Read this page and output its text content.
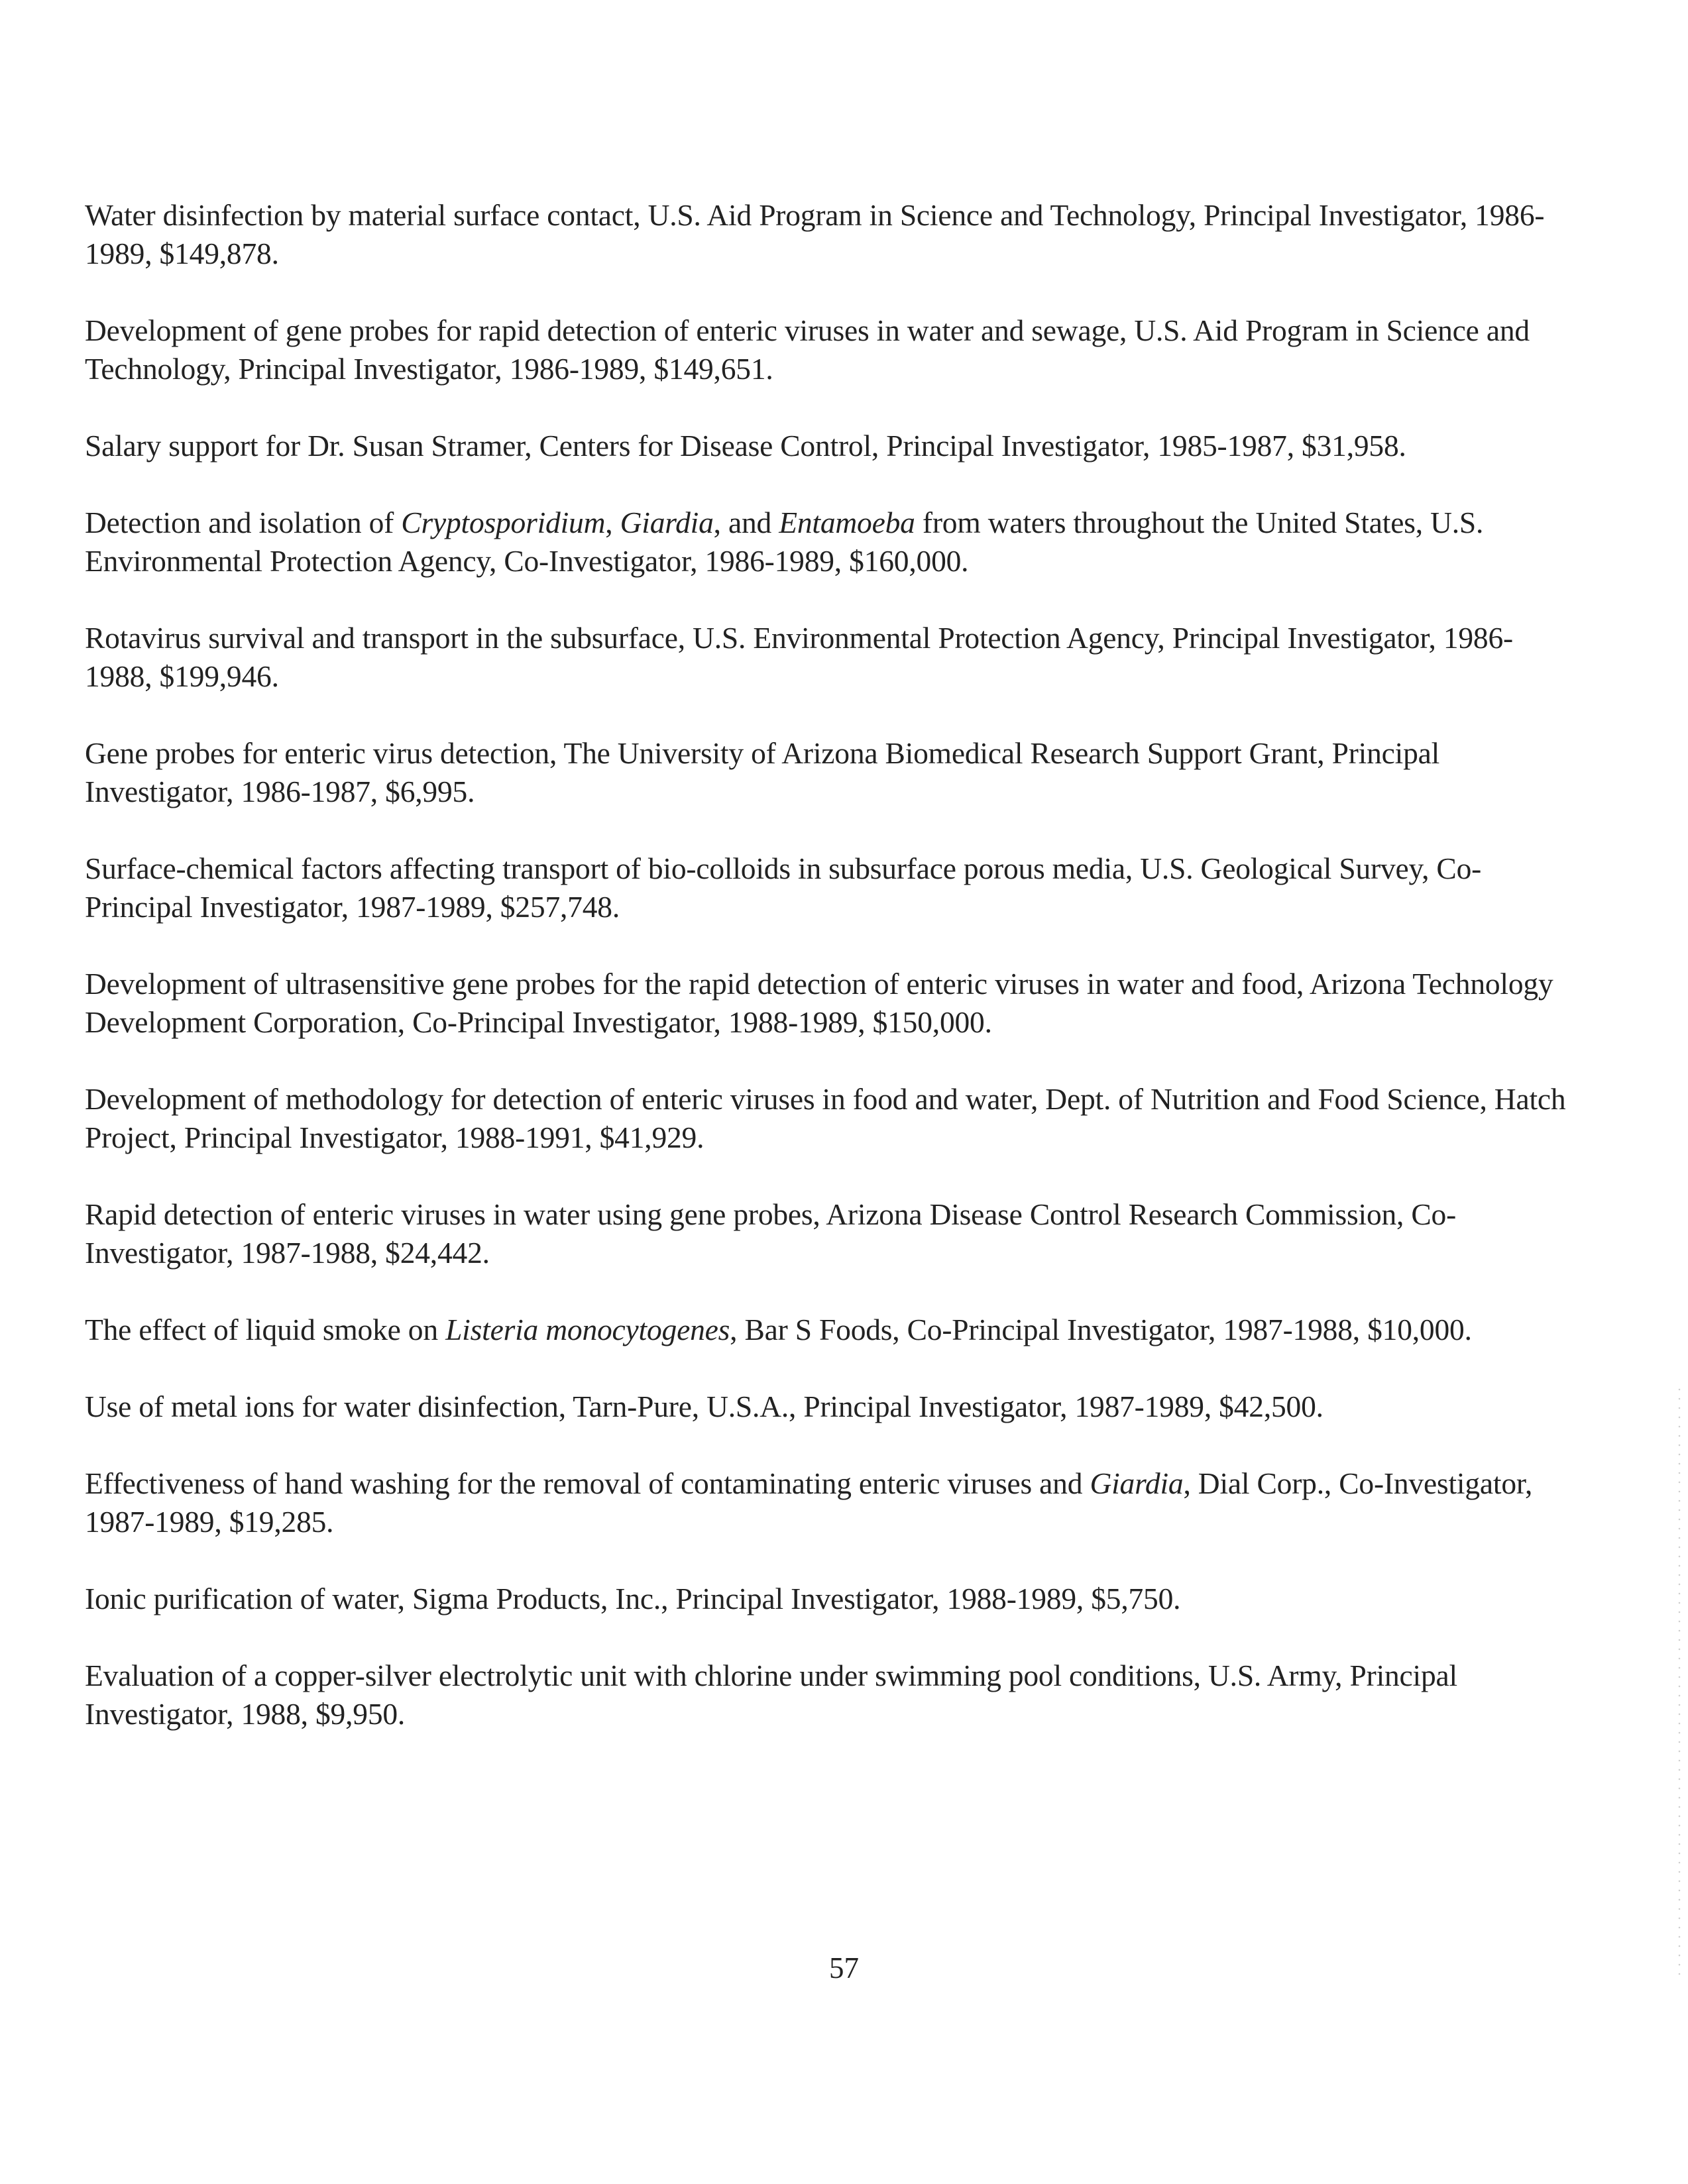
Water disinfection by material surface contact, U.S. Aid Program in Science and Technology, Principal Investigator, 1986-1989, $149,878.

Development of gene probes for rapid detection of enteric viruses in water and sewage, U.S. Aid Program in Science and Technology, Principal Investigator, 1986-1989, $149,651.

Salary support for Dr. Susan Stramer, Centers for Disease Control, Principal Investigator, 1985-1987, $31,958.

Detection and isolation of Cryptosporidium, Giardia, and Entamoeba from waters throughout the United States, U.S. Environmental Protection Agency, Co-Investigator, 1986-1989, $160,000.

Rotavirus survival and transport in the subsurface, U.S. Environmental Protection Agency, Principal Investigator, 1986-1988, $199,946.

Gene probes for enteric virus detection, The University of Arizona Biomedical Research Support Grant, Principal Investigator, 1986-1987, $6,995.

Surface-chemical factors affecting transport of bio-colloids in subsurface porous media, U.S. Geological Survey, Co-Principal Investigator, 1987-1989, $257,748.

Development of ultrasensitive gene probes for the rapid detection of enteric viruses in water and food, Arizona Technology Development Corporation, Co-Principal Investigator, 1988-1989, $150,000.

Development of methodology for detection of enteric viruses in food and water, Dept. of Nutrition and Food Science, Hatch Project, Principal Investigator, 1988-1991, $41,929.

Rapid detection of enteric viruses in water using gene probes, Arizona Disease Control Research Commission, Co-Investigator, 1987-1988, $24,442.

The effect of liquid smoke on Listeria monocytogenes, Bar S Foods, Co-Principal Investigator, 1987-1988, $10,000.

Use of metal ions for water disinfection, Tarn-Pure, U.S.A., Principal Investigator, 1987-1989, $42,500.

Effectiveness of hand washing for the removal of contaminating enteric viruses and Giardia, Dial Corp., Co-Investigator, 1987-1989, $19,285.

Ionic purification of water, Sigma Products, Inc., Principal Investigator, 1988-1989, $5,750.

Evaluation of a copper-silver electrolytic unit with chlorine under swimming pool conditions, U.S. Army, Principal Investigator, 1988, $9,950.

57
